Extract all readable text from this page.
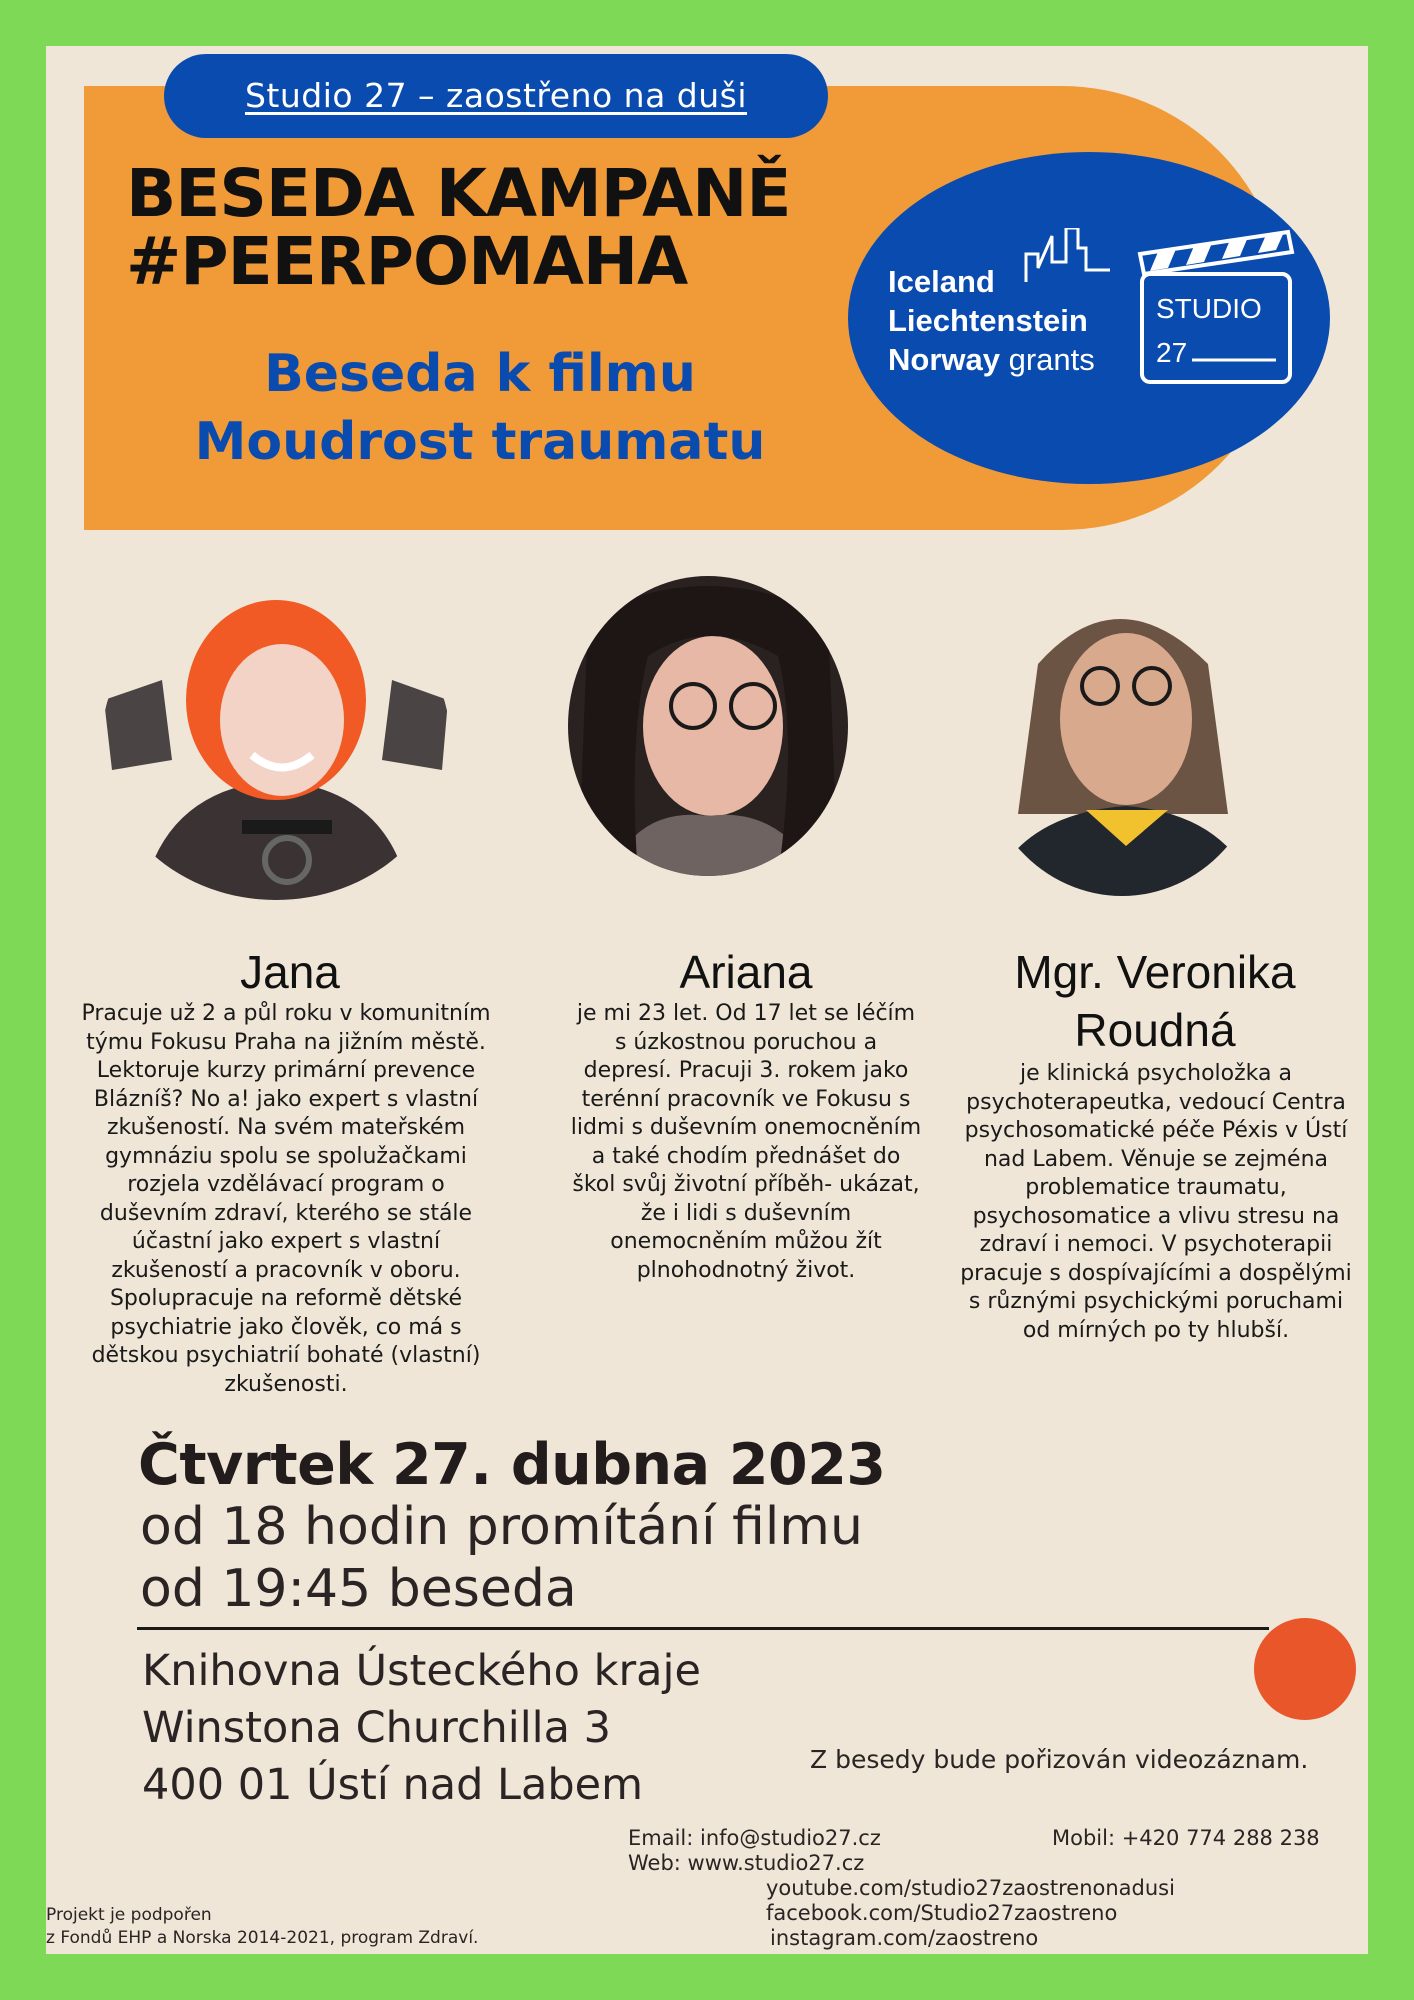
Studio 27 – zaostřeno na duši
BESEDA KAMPANĚ
#PEERPOMAHA
Beseda k filmu
Moudrost traumatu
Iceland
Liechtenstein
Norway grants
STUDIO
27
Jana
Pracuje už 2 a půl roku v komunitním týmu Fokusu Praha na jižním městě. Lektoruje kurzy primární prevence Blázníš? No a! jako expert s vlastní zkušeností. Na svém mateřském gymnáziu spolu se spolužačkami rozjela vzdělávací program o duševním zdraví, kterého se stále účastní jako expert s vlastní zkušeností a pracovník v oboru. Spolupracuje na reformě dětské psychiatrie jako člověk, co má s dětskou psychiatrií bohaté (vlastní) zkušenosti.
Ariana
je mi 23 let. Od 17 let se léčím s úzkostnou poruchou a depresí. Pracuji 3. rokem jako terénní pracovník ve Fokusu s lidmi s duševním onemocněním a také chodím přednášet do škol svůj životní příběh- ukázat, že i lidi s duševním onemocněním můžou žít plnohodnotný život.
Mgr. Veronika
Roudná
je klinická psycholožka a psychoterapeutka, vedoucí Centra psychosomatické péče Péxis v Ústí nad Labem. Věnuje se zejména problematice traumatu, psychosomatice a vlivu stresu na zdraví i nemoci. V psychoterapii pracuje s dospívajícími a dospělými s různými psychickými poruchami od mírných po ty hlubší.
Čtvrtek 27. dubna 2023
od 18 hodin promítání filmu
od 19:45 beseda
Knihovna Ústeckého kraje
Winstona Churchilla 3
400 01 Ústí nad Labem
Z besedy bude pořizován videozáznam.
Email: info@studio27.cz
Web: www.studio27.cz
Mobil: +420 774 288 238
youtube.com/studio27zaostrenonadusi
facebook.com/Studio27zaostreno
instagram.com/zaostreno
Projekt je podpořen
z Fondů EHP a Norska 2014-2021, program Zdraví.
